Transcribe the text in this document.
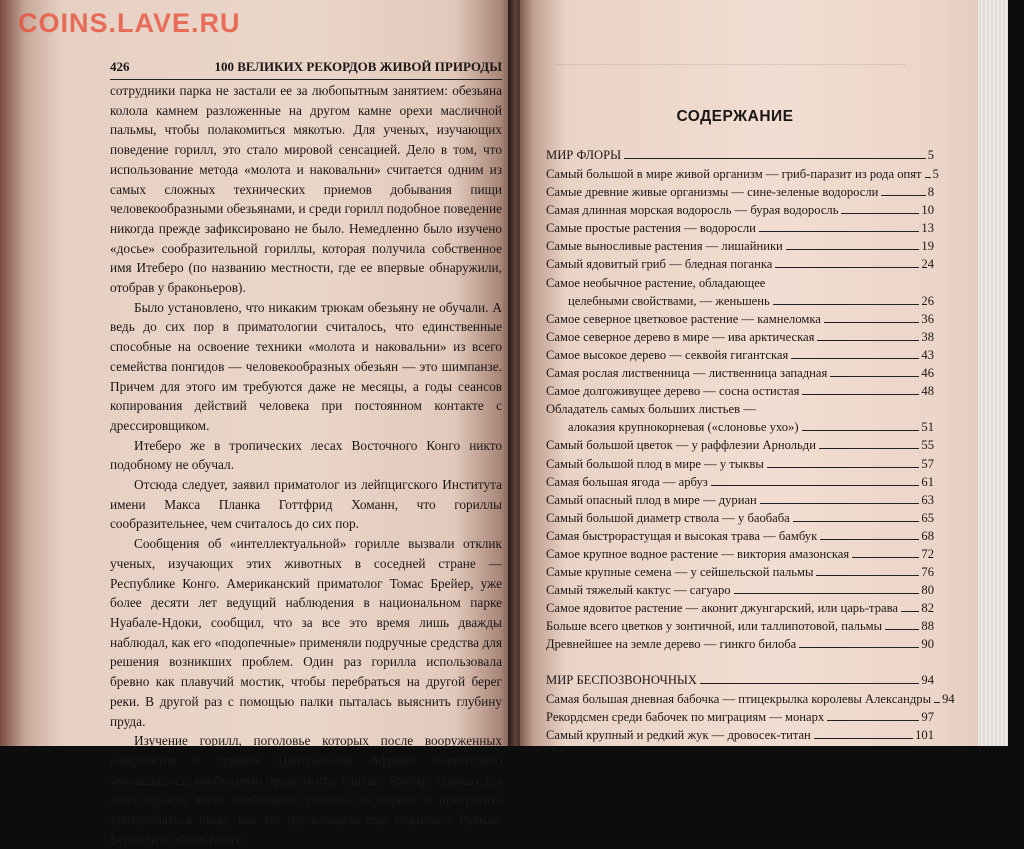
COINS.LAVE.RU
426	100 ВЕЛИКИХ РЕКОРДОВ ЖИВОЙ ПРИРОДЫ

сотрудники парка не застали ее за любопытным занятием: обезьяна колола камнем разложенные на другом камне орехи масличной пальмы, чтобы полакомиться мякотью. Для ученых, изучающих поведение горилл, это стало мировой сенсацией. Дело в том, что использование метода «молота и наковальни» считается одним из самых сложных технических приемов добывания пищи человекообразными обезьянами, и среди горилл подобное поведение никогда прежде зафиксировано не было. Немедленно было изучено «досье» сообразительной гориллы, которая получила собственное имя Итеберо (по названию местности, где ее впервые обнаружили, отобрав у браконьеров).

Было установлено, что никаким трюкам обезьяну не обучали. А ведь до сих пор в приматологии считалось, что единственные способные на освоение техники «молота и наковальни» из всего семейства понгидов — человекообразных обезьян — это шимпанзе. Причем для этого им требуются даже не месяцы, а годы сеансов копирования действий человека при постоянном контакте с дрессировщиком.

Итеберо же в тропических лесах Восточного Конго никто подобному не обучал.

Отсюда следует, заявил приматолог из лейпцигского Института имени Макса Планка Готтфрид Хоманн, что гориллы сообразительнее, чем считалось до сих пор.

Сообщения об «интеллектуальной» горилле вызвали отклик ученых, изучающих этих животных в соседней стране — Республике Конго. Американский приматолог Томас Брейер, уже более десяти лет ведущий наблюдения в национальном парке Нуабале-Ндоки, сообщил, что за все это время лишь дважды наблюдал, как его «подопечные» применяли подручные средства для решения возникших проблем. Один раз горилла использовала бревно как плавучий мостик, чтобы перебраться на другой берег реки. В другой раз с помощью палки пыталась выяснить глубину пруда.

Изучение горилл, поголовье которых после вооруженных конфликтов в странах Центральной Африки значительно уменьшилось, необходимо продолжить, считает Брейер. Однако для этого прежде всего необходимо усилить их охрану и прекратить употреблять в пищу, как это происходило еще недавно в Руанде, Бурунди и обоих Конго.

СОДЕРЖАНИЕ
МИР ФЛОРЫ	5
Самый большой в мире живой организм — гриб-паразит из рода опят 5
Самые древние живые организмы — сине-зеленые водоросли	8
Самая длинная морская водоросль — бурая водоросль	10
Самые простые растения — водоросли	13
Самые выносливые растения — лишайники	19
Самый ядовитый гриб — бледная поганка	24
Самое необычное растение, обладающее
целебными свойствами, — женьшень	26
Самое северное цветковое растение — камнеломка	36
Самое северное дерево в мире — ива арктическая	38
Самое высокое дерево — секвойя гигантская	43
Самая рослая лиственница — лиственница западная	46
Самое долгоживущее дерево — сосна остистая	48
Обладатель самых больших листьев —
алоказия крупнокорневая («слоновье ухо»)	51
Самый большой цветок — у раффлезии Арнольди	55
Самый большой плод в мире — у тыквы	57
Самая большая ягода — арбуз	61
Самый опасный плод в мире — дуриан	63
Самый большой диаметр ствола — у баобаба	65
Самая быстрорастущая и высокая трава — бамбук	68
Самое крупное водное растение — виктория амазонская	72
Самые крупные семена — у сейшельской пальмы	76
Самый тяжелый кактус — сагуаро	80
Самое ядовитое растение — аконит джунгарский, или царь-трава 82
Больше всего цветков у зонтичной, или таллипотовой, пальмы	88
Древнейшее на земле дерево — гинкго билоба	90
МИР БЕСПОЗВОНОЧНЫХ	94
Самая большая дневная бабочка — птицекрылка королевы Александры 94
Рекордсмен среди бабочек по миграциям — монарх	97
Самый крупный и редкий жук — дровосек-титан	101
